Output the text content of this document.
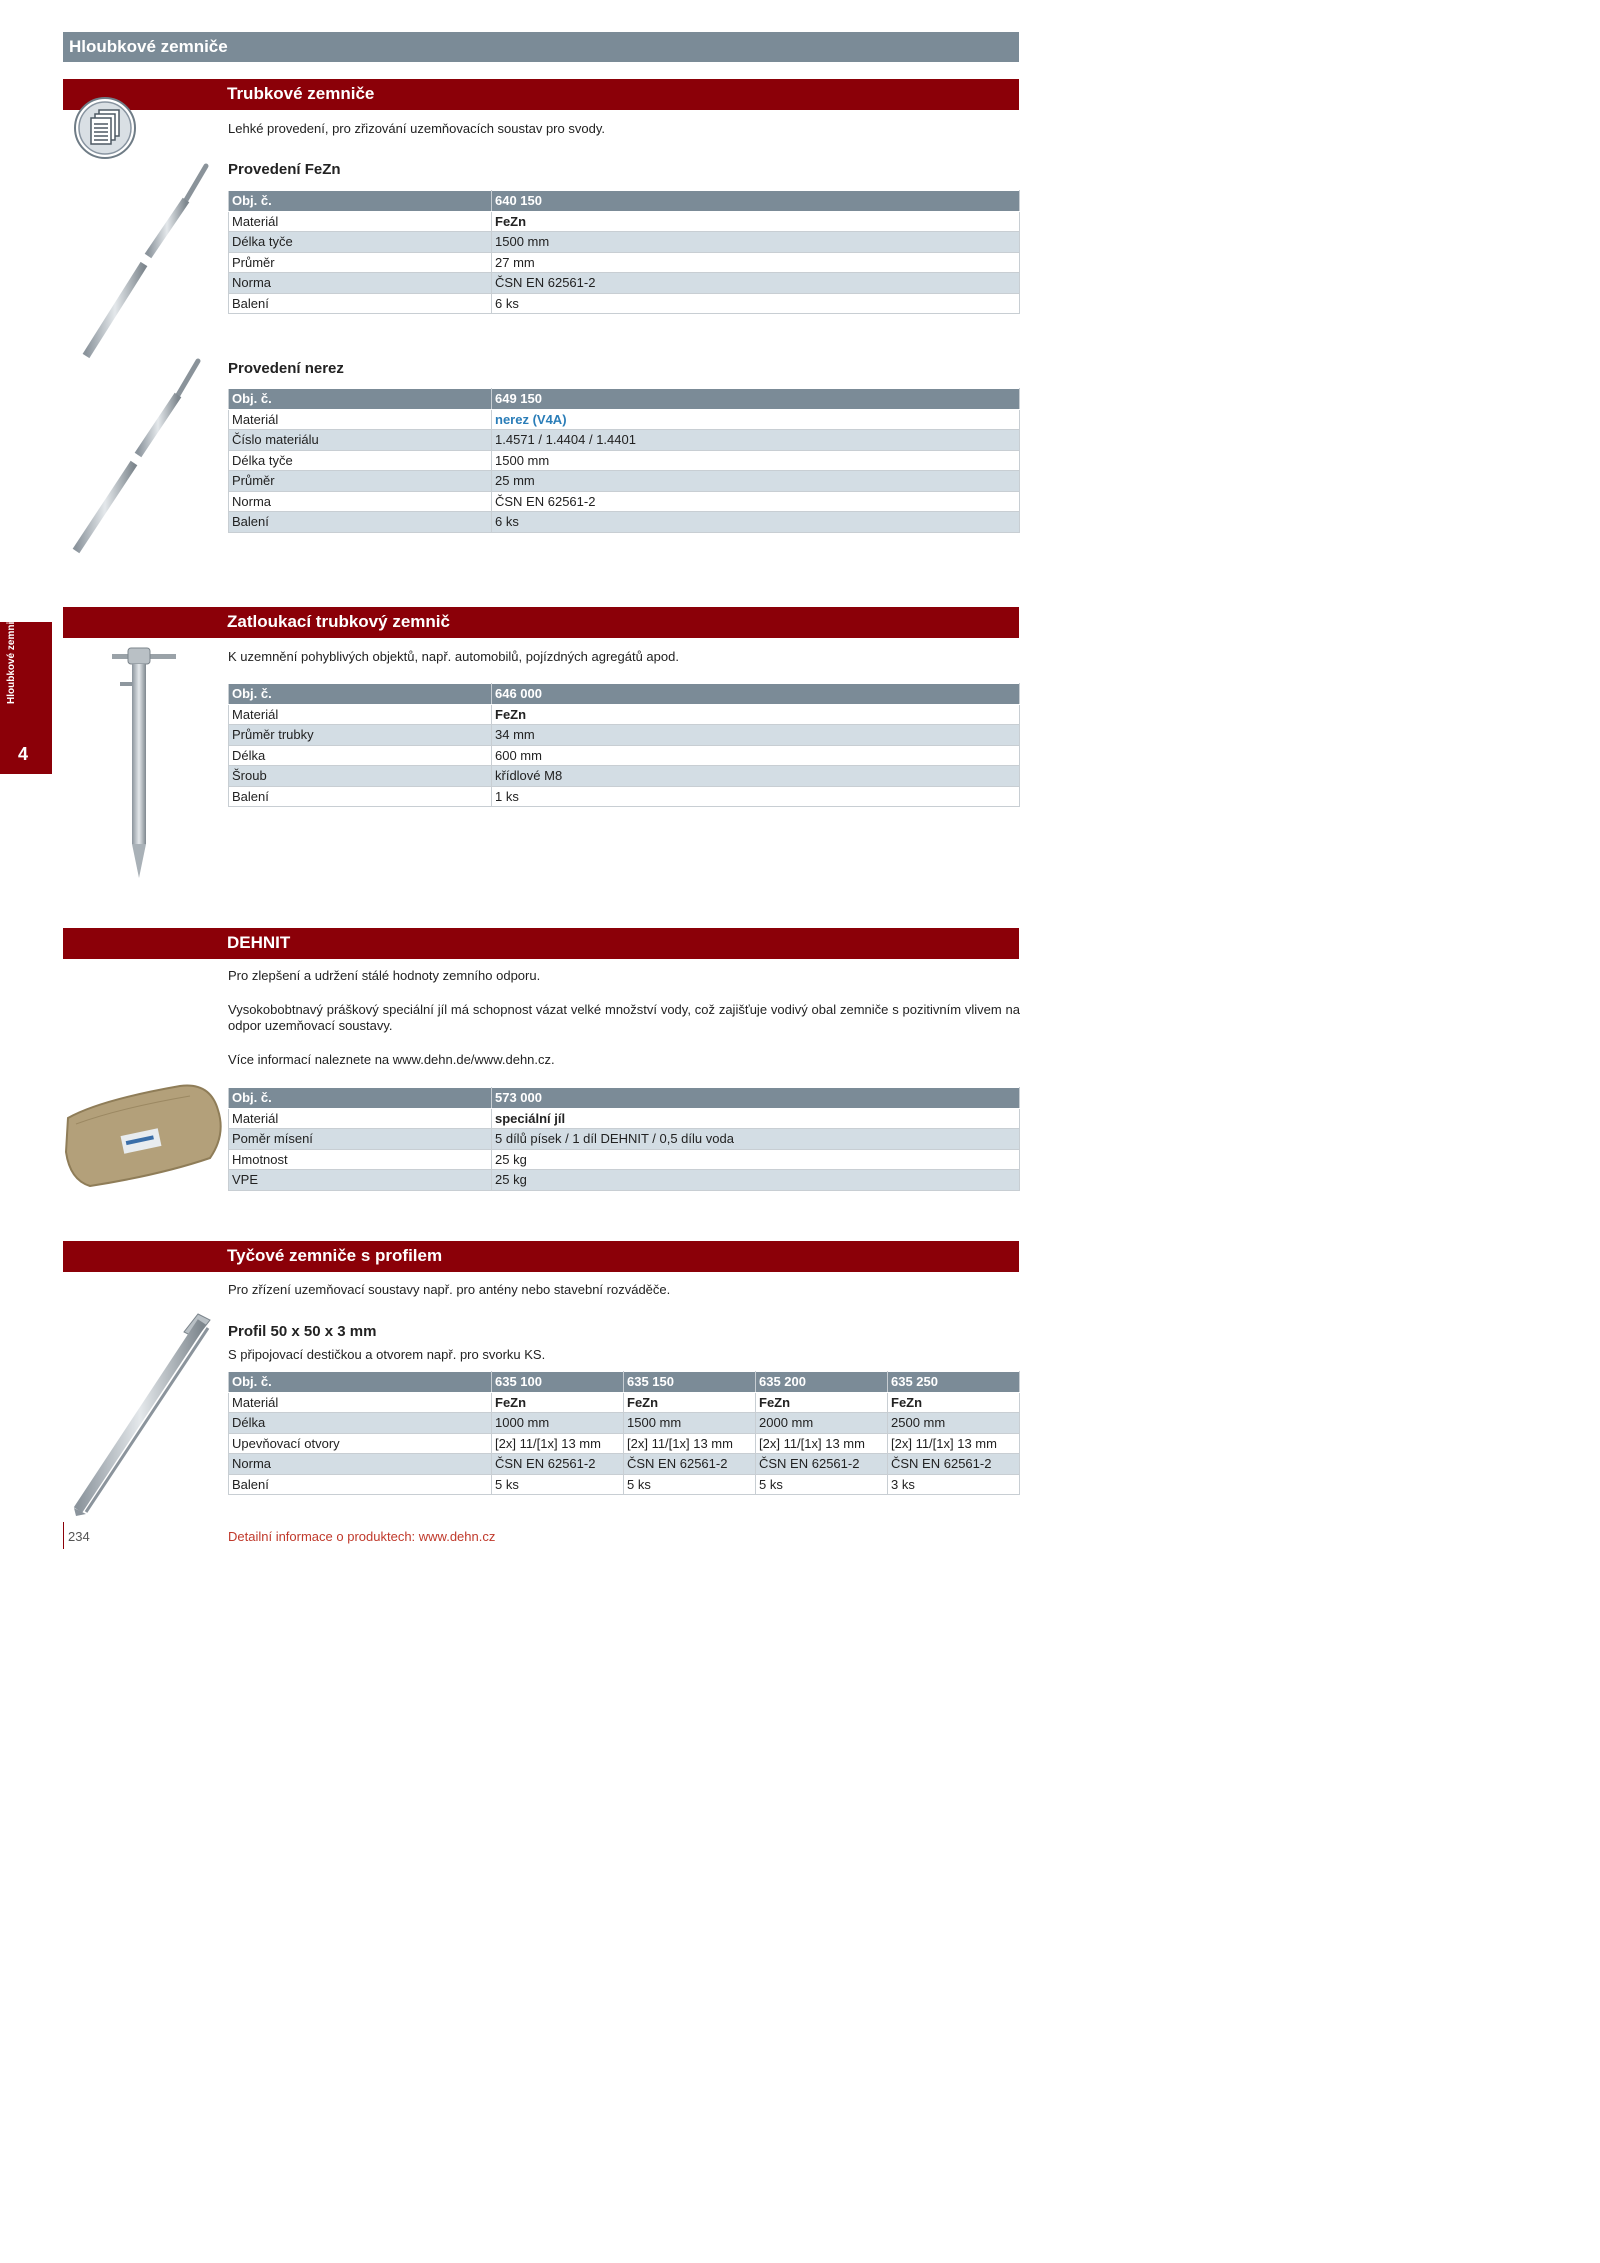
Hloubkové zemniče
Hloubkové zemniče
4
Trubkové zemniče
Lehké provedení, pro zřizování uzemňovacích soustav pro svody.
Provedení FeZn
Obj. č.	640 150
Materiál	FeZn
Délka tyče	1500 mm
Průměr	27 mm
Norma	ČSN EN 62561-2
Balení	6 ks
Provedení nerez
Obj. č.	649 150
Materiál	nerez (V4A)
Číslo materiálu	1.4571 / 1.4404 / 1.4401
Délka tyče	1500 mm
Průměr	25 mm
Norma	ČSN EN 62561-2
Balení	6 ks
Zatloukací trubkový zemnič
K uzemnění pohyblivých objektů, např. automobilů, pojízdných agregátů apod.
Obj. č.	646 000
Materiál	FeZn
Průměr trubky	34 mm
Délka	600 mm
Šroub	křídlové M8
Balení	1 ks
DEHNIT
Pro zlepšení a udržení stálé hodnoty zemního odporu.
Vysokobobtnavý práškový speciální jíl má schopnost vázat velké množství vody, což zajišťuje vodivý obal zemniče s pozitivním vlivem na odpor uzemňovací soustavy.
Více informací naleznete na www.dehn.de/www.dehn.cz.
Obj. č.	573 000
Materiál	speciální jíl
Poměr mísení	5 dílů písek / 1 díl DEHNIT / 0,5 dílu voda
Hmotnost	25 kg
VPE	25 kg
Tyčové zemniče s profilem
Pro zřízení uzemňovací soustavy např. pro antény nebo stavební rozváděče.
Profil 50 x 50 x 3 mm
S připojovací destičkou a otvorem např. pro svorku KS.
Obj. č.	635 100	635 150	635 200	635 250
Materiál	FeZn	FeZn	FeZn	FeZn
Délka	1000 mm	1500 mm	2000 mm	2500 mm
Upevňovací otvory	[2x] 11/[1x] 13 mm	[2x] 11/[1x] 13 mm	[2x] 11/[1x] 13 mm	[2x] 11/[1x] 13 mm
Norma	ČSN EN 62561-2	ČSN EN 62561-2	ČSN EN 62561-2	ČSN EN 62561-2
Balení	5 ks	5 ks	5 ks	3 ks
234	Detailní informace o produktech: www.dehn.cz
